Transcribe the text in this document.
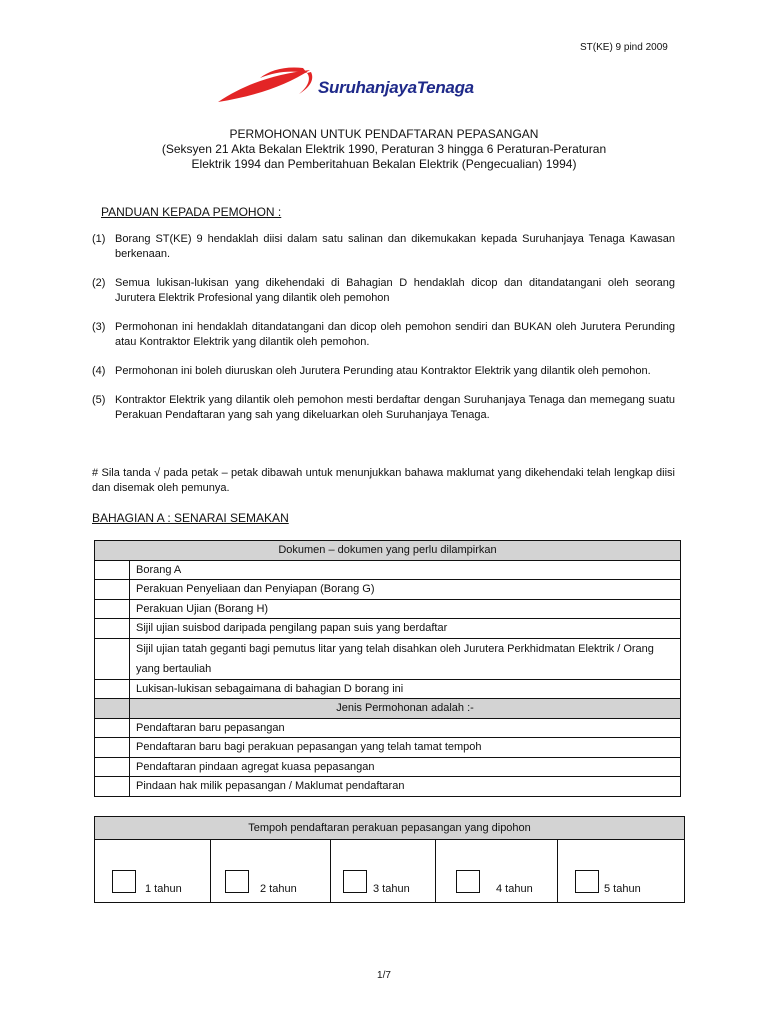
ST(KE) 9 pind 2009
SuruhanjayaTenaga
PERMOHONAN UNTUK PENDAFTARAN PEPASANGAN
(Seksyen 21 Akta Bekalan Elektrik 1990, Peraturan 3 hingga 6 Peraturan-Peraturan
Elektrik 1994 dan Pemberitahuan Bekalan Elektrik (Pengecualian) 1994)
PANDUAN KEPADA PEMOHON :
(1) Borang ST(KE) 9 hendaklah diisi dalam satu salinan dan dikemukakan kepada Suruhanjaya Tenaga Kawasan berkenaan.
(2) Semua lukisan-lukisan yang dikehendaki di Bahagian D hendaklah dicop dan ditandatangani oleh seorang Jurutera Elektrik Profesional yang dilantik oleh pemohon
(3) Permohonan ini hendaklah ditandatangani dan dicop oleh pemohon sendiri dan BUKAN oleh Jurutera Perunding atau Kontraktor Elektrik yang dilantik oleh pemohon.
(4) Permohonan ini boleh diuruskan oleh Jurutera Perunding atau Kontraktor Elektrik yang dilantik oleh pemohon.
(5) Kontraktor Elektrik yang dilantik oleh pemohon mesti berdaftar dengan Suruhanjaya Tenaga dan memegang suatu Perakuan Pendaftaran yang sah yang dikeluarkan oleh Suruhanjaya Tenaga.
# Sila tanda √ pada petak – petak dibawah untuk menunjukkan bahawa maklumat yang dikehendaki telah lengkap diisi dan disemak oleh pemunya.
BAHAGIAN A : SENARAI SEMAKAN
Dokumen – dokumen yang perlu dilampirkan	
	Borang A
	Perakuan Penyeliaan dan Penyiapan (Borang G)
	Perakuan Ujian (Borang H)
	Sijil ujian suisbod daripada pengilang papan suis yang berdaftar
	Sijil ujian tatah geganti bagi pemutus litar yang telah disahkan oleh Jurutera Perkhidmatan Elektrik / Orang yang bertauliah
	Lukisan-lukisan sebagaimana di bahagian D borang ini
	Jenis Permohonan adalah :-
	Pendaftaran baru pepasangan
	Pendaftaran baru bagi perakuan pepasangan yang telah tamat tempoh
	Pendaftaran pindaan agregat kuasa pepasangan
	Pindaan hak milik pepasangan / Maklumat pendaftaran
Tempoh pendaftaran perakuan pepasangan yang dipohon

1 tahun	2 tahun	3 tahun	4 tahun	5 tahun
1/7
